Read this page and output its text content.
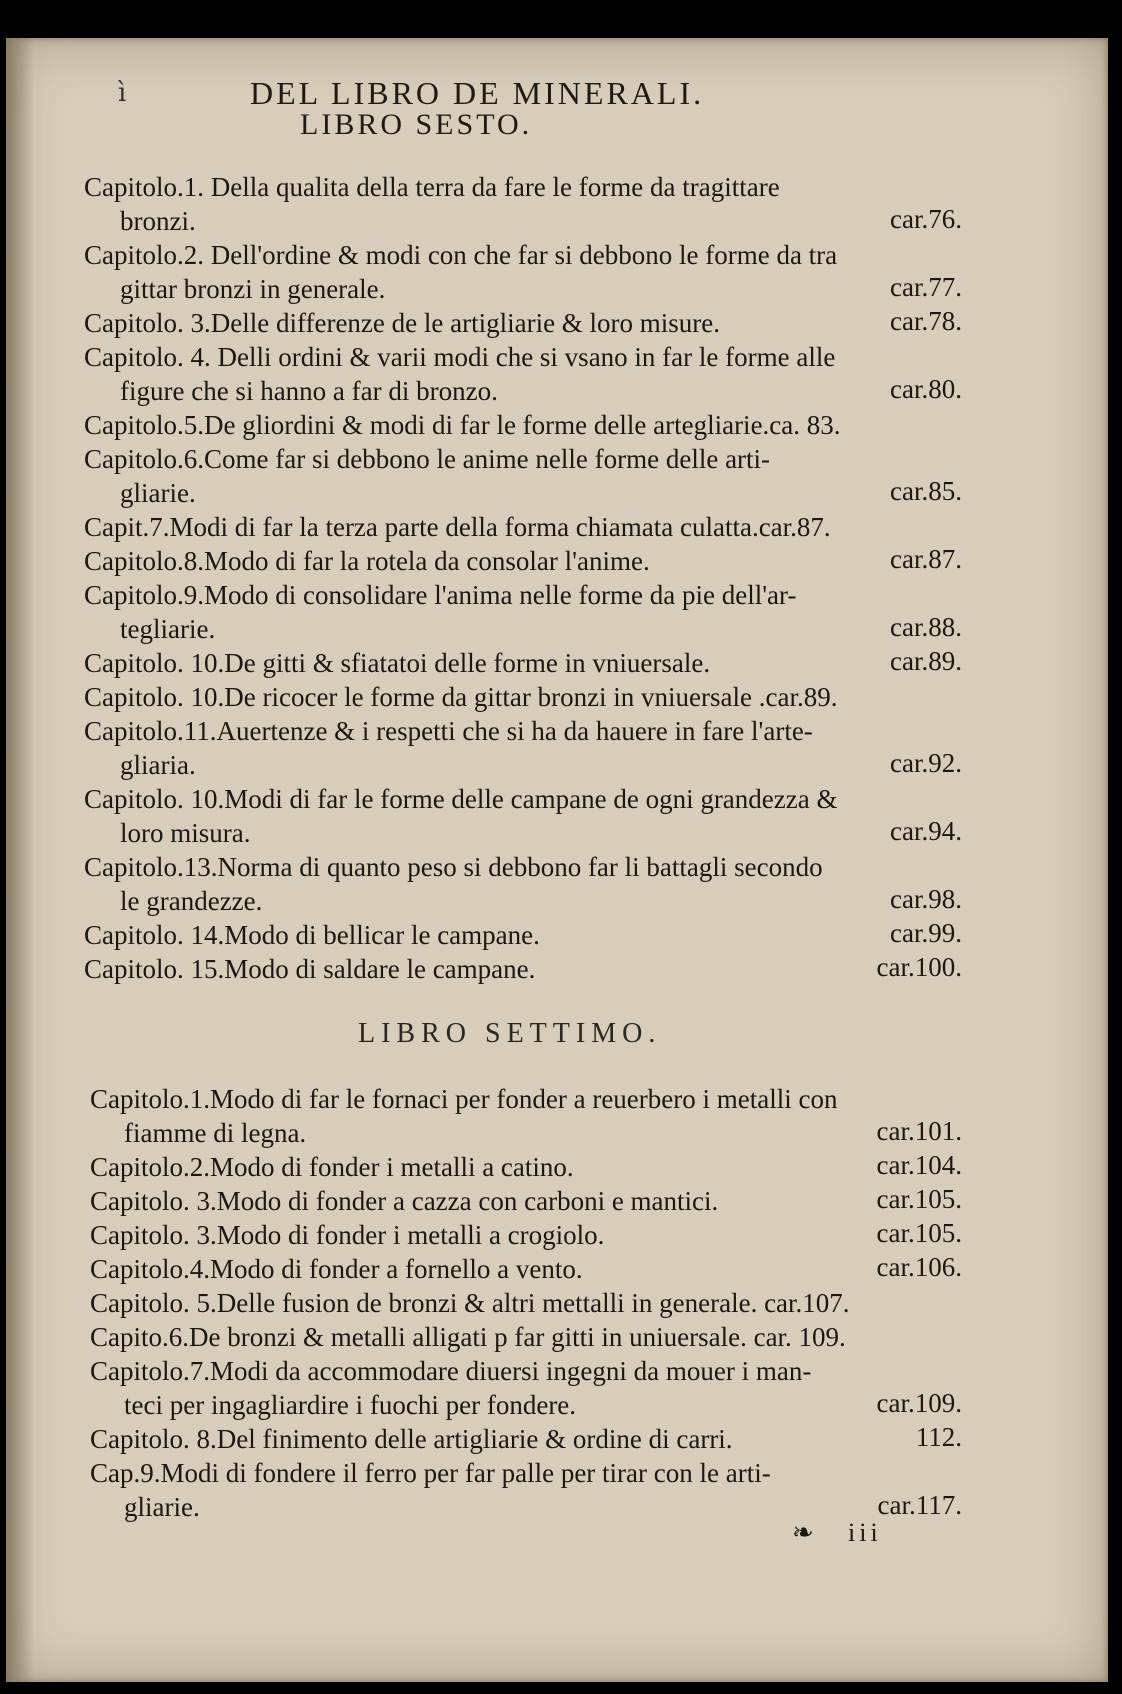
ì	DEL LIBRO DE MINERALI.
LIBRO SESTO.
Capitolo.1. Della qualita della terra da fare le forme da tragittare
bronzi.	car.76.
Capitolo.2. Dell'ordine & modi con che far si debbono le forme da tra
gittar bronzi in generale.	car.77.
Capitolo. 3.Delle differenze de le artigliarie & loro misure.	car.78.
Capitolo. 4. Delli ordini & varii modi che si vsano in far le forme alle
figure che si hanno a far di bronzo.	car.80.
Capitolo.5.De gliordini & modi di far le forme delle artegliarie.ca. 83.
Capitolo.6.Come far si debbono le anime nelle forme delle arti-
gliarie.	car.85.
Capit.7.Modi di far la terza parte della forma chiamata culatta.car.87.
Capitolo.8.Modo di far la rotela da consolar l'anime.	car.87.
Capitolo.9.Modo di consolidare l'anima nelle forme da pie dell'ar-
tegliarie.	car.88.
Capitolo. 10.De gitti & sfiatatoi delle forme in vniuersale.	car.89.
Capitolo. 10.De ricocer le forme da gittar bronzi in vniuersale .car.89.
Capitolo.11.Auertenze & i respetti che si ha da hauere in fare l'arte-
gliaria.	car.92.
Capitolo. 10.Modi di far le forme delle campane de ogni grandezza &
loro misura.	car.94.
Capitolo.13.Norma di quanto peso si debbono far li battagli secondo
le grandezze.	car.98.
Capitolo. 14.Modo di bellicar le campane.	car.99.
Capitolo. 15.Modo di saldare le campane.	car.100.
LIBRO SETTIMO.
Capitolo.1.Modo di far le fornaci per fonder a reuerbero i metalli con
fiamme di legna.	car.101.
Capitolo.2.Modo di fonder i metalli a catino.	car.104.
Capitolo. 3.Modo di fonder a cazza con carboni e mantici.	car.105.
Capitolo. 3.Modo di fonder i metalli a crogiolo.	car.105.
Capitolo.4.Modo di fonder a fornello a vento.	car.106.
Capitolo. 5.Delle fusion de bronzi & altri mettalli in generale. car.107.
Capito.6.De bronzi & metalli alligati p far gitti in uniuersale. car. 109.
Capitolo.7.Modi da accommodare diuersi ingegni da mouer i man-
teci per ingagliardire i fuochi per fondere.	car.109.
Capitolo. 8.Del finimento delle artigliarie & ordine di carri.	112.
Cap.9.Modi di fondere il ferro per far palle per tirar con le arti-
gliarie.	car.117.
❧ iii
